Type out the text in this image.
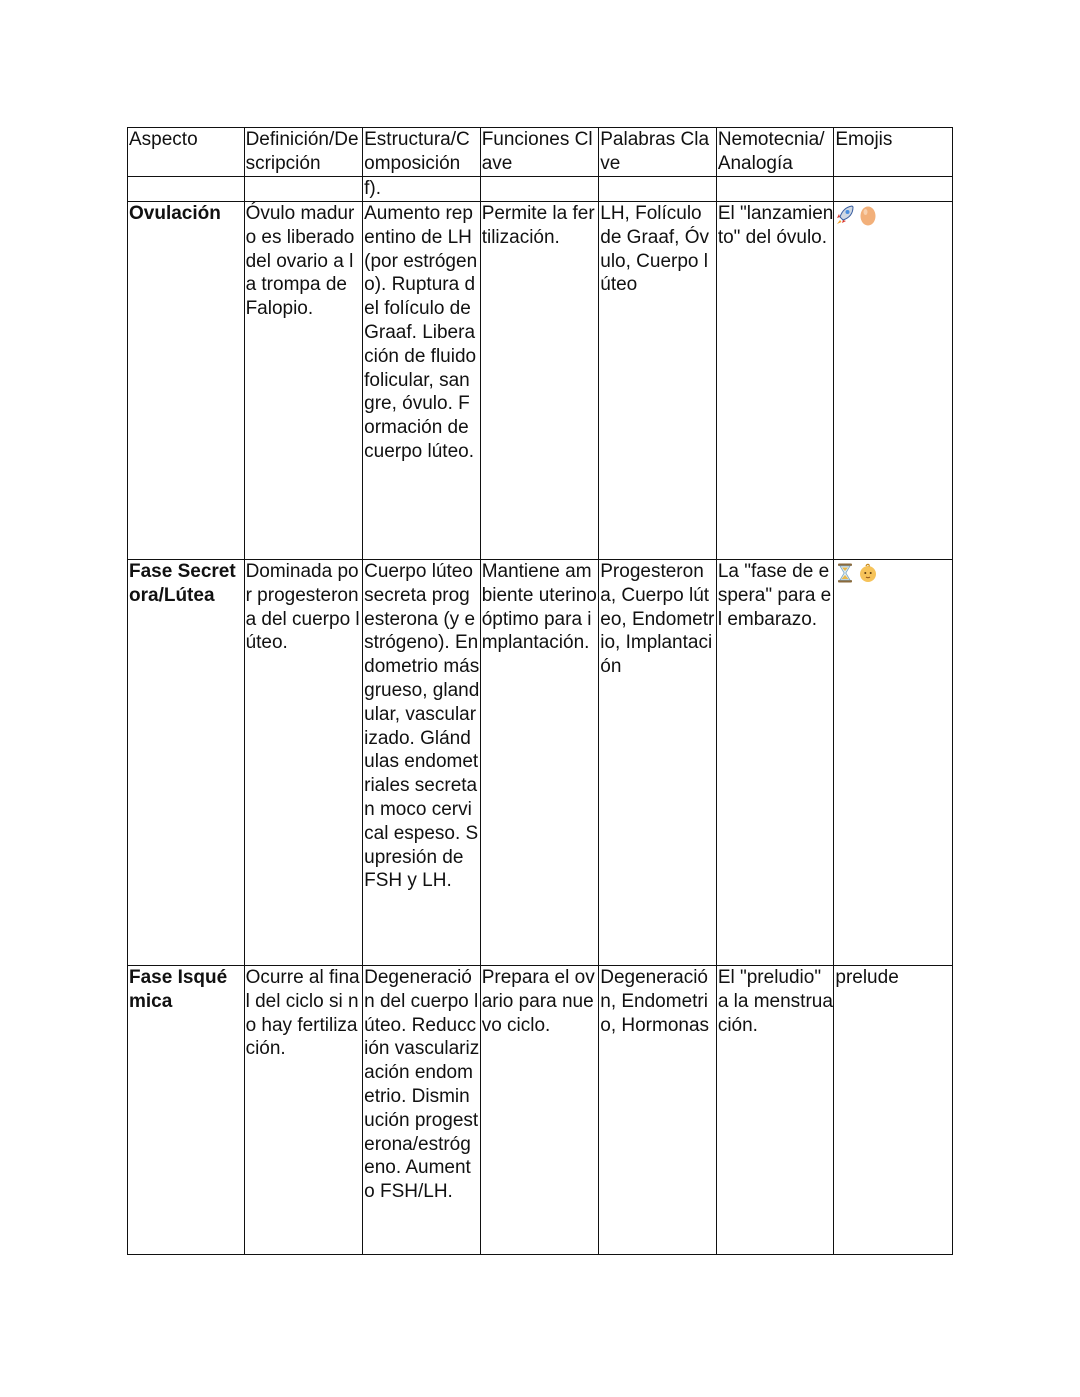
Aspecto	Definición/Descripción	Estructura/Composición	Funciones Clave	Palabras Clave	Nemotecnia/Analogía	Emojis
		f).				
Ovulación	Óvulo maduro es liberado del ovario a la trompa de Falopio.	Aumento repentino de LH (por estrógeno). Ruptura del folículo de Graaf. Liberación de fluido folicular, sangre, óvulo. Formación de cuerpo lúteo.	Permite la fertilización.	LH, Folículo de Graaf, Óvulo, Cuerpo lúteo	El "lanzamiento" del óvulo.	

Fase Secretora/Lútea	Dominada por progesterona del cuerpo lúteo.	Cuerpo lúteo secreta progesterona (y estrógeno). Endometrio más grueso, glandular, vascularizado. Glándulas endometriales secretan moco cervical espeso. Supresión de FSH y LH.	Mantiene ambiente uterino óptimo para implantación.	Progesterona, Cuerpo lúteo, Endometrio, Implantación	La "fase de espera" para el embarazo.	

Fase Isquémica	Ocurre al final del ciclo si no hay fertilización.	Degeneración del cuerpo lúteo. Reducción vascularización endometrio. Disminución progesterona/estrógeno. Aumento FSH/LH.	Prepara el ovario para nuevo ciclo.	Degeneración, Endometrio, Hormonas	El "preludio" a la menstruación.	prelude
